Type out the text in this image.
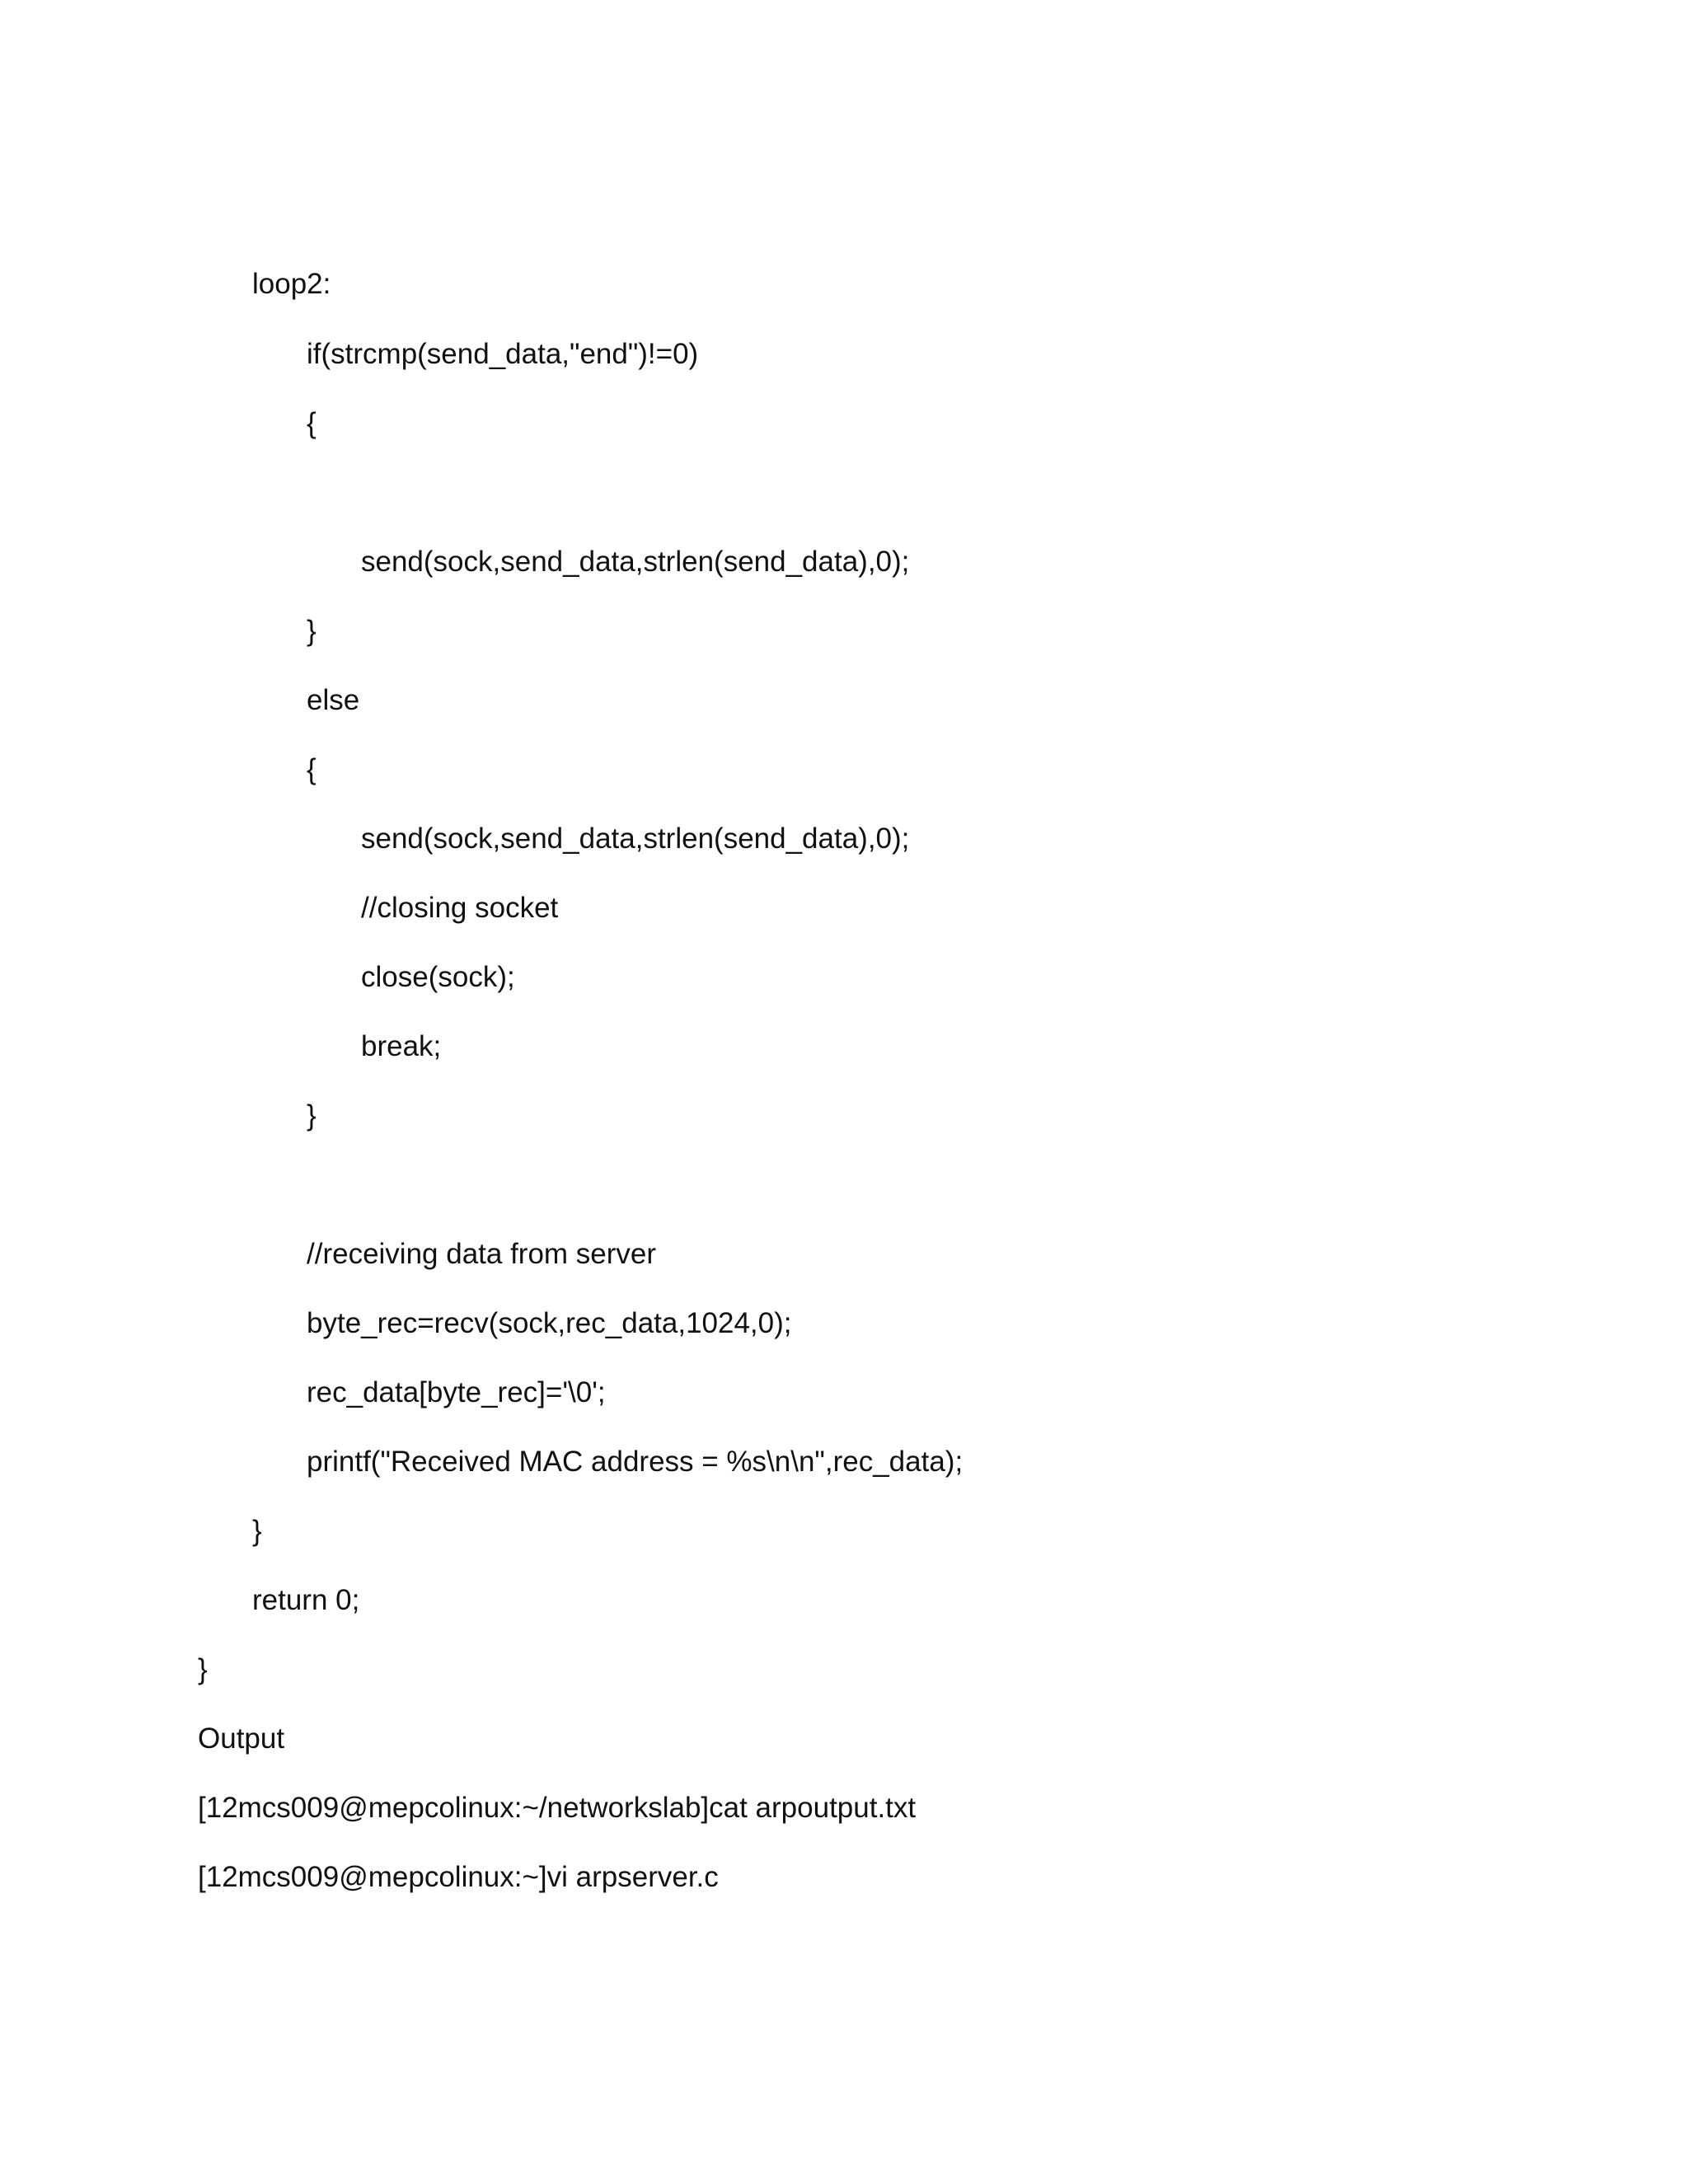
loop2:
if(strcmp(send_data,"end")!=0)
{
send(sock,send_data,strlen(send_data),0);
}
else
{
send(sock,send_data,strlen(send_data),0);
//closing socket
close(sock);
break;
}
//receiving data from server
byte_rec=recv(sock,rec_data,1024,0);
rec_data[byte_rec]='\0';
printf("Received MAC address = %s\n\n",rec_data);
}
return 0;
}
Output
[12mcs009@mepcolinux:~/networkslab]cat arpoutput.txt
[12mcs009@mepcolinux:~]vi arpserver.c
